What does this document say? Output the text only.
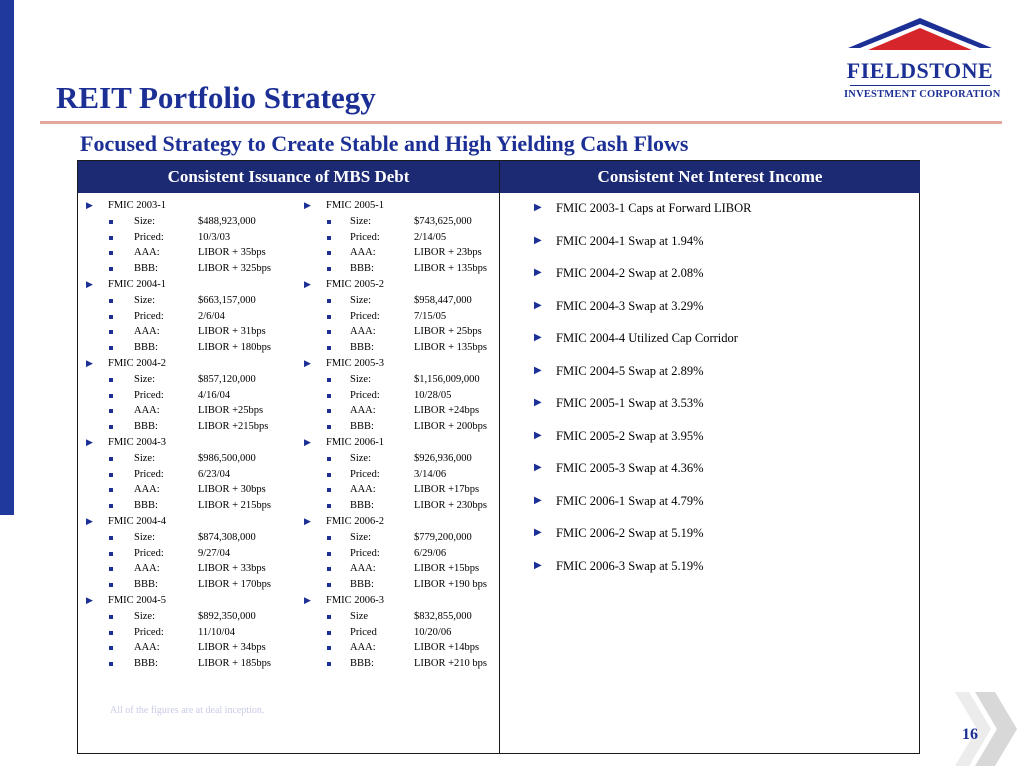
REIT Portfolio Strategy
FIELDSTONE
INVESTMENT CORPORATION
Focused Strategy to Create Stable and High Yielding Cash Flows
Consistent Issuance of MBS Debt	Consistent Net Interest Income
▶ FMIC 2003-1
Size:	$488,923,000
Priced:	10/3/03
AAA:	LIBOR + 35bps
BBB:	LIBOR + 325bps
▶ FMIC 2004-1
Size:	$663,157,000
Priced:	2/6/04
AAA:	LIBOR + 31bps
BBB:	LIBOR + 180bps
▶ FMIC 2004-2
Size:	$857,120,000
Priced:	4/16/04
AAA:	LIBOR +25bps
BBB:	LIBOR +215bps
▶ FMIC 2004-3
Size:	$986,500,000
Priced:	6/23/04
AAA:	LIBOR + 30bps
BBB:	LIBOR + 215bps
▶ FMIC 2004-4
Size:	$874,308,000
Priced:	9/27/04
AAA:	LIBOR + 33bps
BBB:	LIBOR + 170bps
▶ FMIC 2004-5
Size:	$892,350,000
Priced:	11/10/04
AAA:	LIBOR + 34bps
BBB:	LIBOR + 185bps
▶ FMIC 2005-1
Size:	$743,625,000
Priced:	2/14/05
AAA:	LIBOR + 23bps
BBB:	LIBOR + 135bps
▶ FMIC 2005-2
Size:	$958,447,000
Priced:	7/15/05
AAA:	LIBOR + 25bps
BBB:	LIBOR + 135bps
▶ FMIC 2005-3
Size:	$1,156,009,000
Priced:	10/28/05
AAA:	LIBOR +24bps
BBB:	LIBOR + 200bps
▶ FMIC 2006-1
Size:	$926,936,000
Priced:	3/14/06
AAA:	LIBOR +17bps
BBB:	LIBOR + 230bps
▶ FMIC 2006-2
Size:	$779,200,000
Priced:	6/29/06
AAA:	LIBOR +15bps
BBB:	LIBOR +190 bps
▶ FMIC 2006-3
Size	$832,855,000
Priced	10/20/06
AAA:	LIBOR +14bps
BBB:	LIBOR +210 bps
All of the figures are at deal inception.
▶ FMIC 2003-1 Caps at Forward LIBOR
▶ FMIC 2004-1 Swap at 1.94%
▶ FMIC 2004-2 Swap at 2.08%
▶ FMIC 2004-3 Swap at 3.29%
▶ FMIC 2004-4 Utilized Cap Corridor
▶ FMIC 2004-5 Swap at 2.89%
▶ FMIC 2005-1 Swap at 3.53%
▶ FMIC 2005-2 Swap at 3.95%
▶ FMIC 2005-3 Swap at 4.36%
▶ FMIC 2006-1 Swap at 4.79%
▶ FMIC 2006-2 Swap at 5.19%
▶ FMIC 2006-3 Swap at 5.19%
16
